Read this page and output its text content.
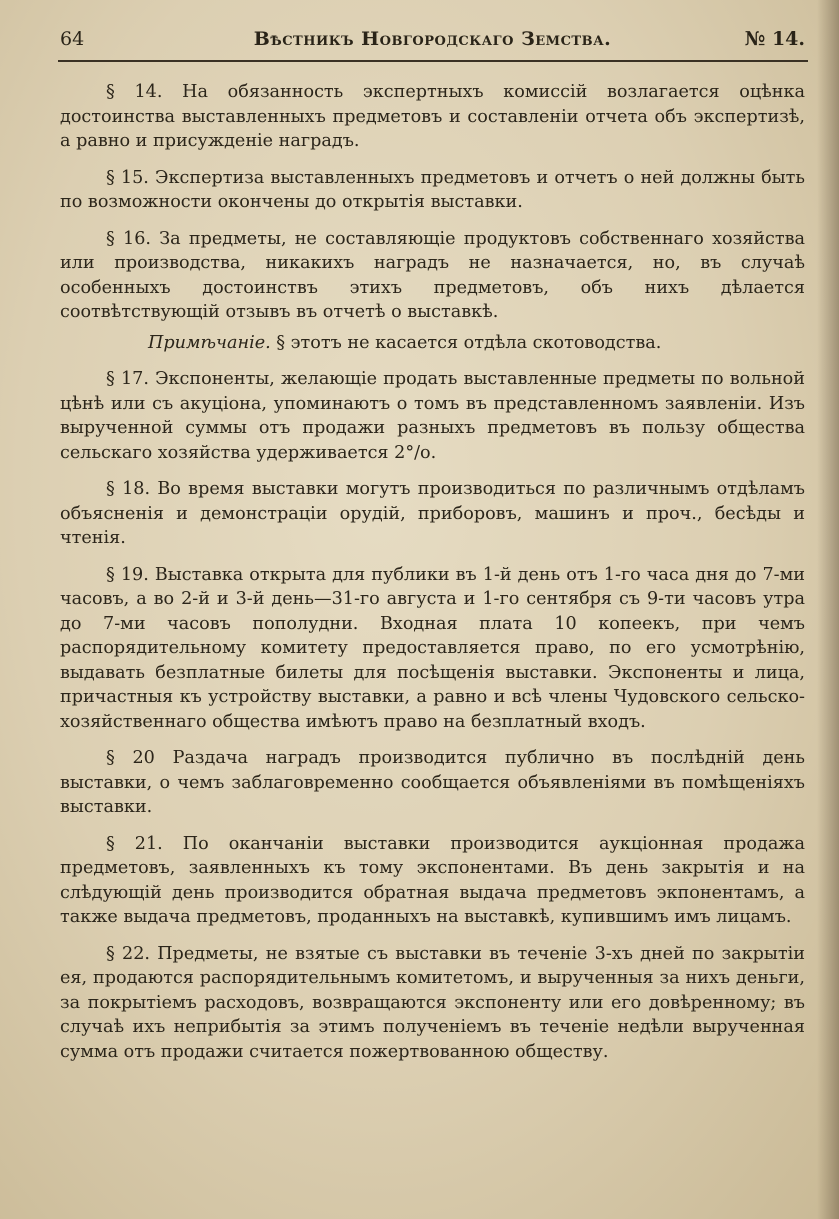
64	Вѣстникъ Новгородскаго Земства.	№ 14.

§ 14. На обязанность экспертныхъ комиссій возлагается оцѣнка достоинства выставленныхъ предметовъ и составленіи отчета объ экспертизѣ, а равно и присужденіе наградъ.

§ 15. Экспертиза выставленныхъ предметовъ и отчетъ о ней должны быть по возможности окончены до открытія выставки.

§ 16. За предметы, не составляющіе продуктовъ собственнаго хозяйства или производства, никакихъ наградъ не назначается, но, въ случаѣ особенныхъ достоинствъ этихъ предметовъ, объ нихъ дѣлается соотвѣтствующій отзывъ въ отчетѣ о выставкѣ.

Примѣчаніе. § этотъ не касается отдѣла скотоводства.

§ 17. Экспоненты, желающіе продать выставленные предметы по вольной цѣнѣ или съ акуціона, упоминаютъ о томъ въ представленномъ заявленіи. Изъ вырученной суммы отъ продажи разныхъ предметовъ въ пользу общества сельскаго хозяйства удерживается 2°/о.

§ 18. Во время выставки могутъ производиться по различнымъ отдѣламъ объясненія и демонстраціи орудій, приборовъ, машинъ и проч., бесѣды и чтенія.

§ 19. Выставка открыта для публики въ 1-й день отъ 1-го часа дня до 7-ми часовъ, а во 2-й и 3-й день—31-го августа и 1-го сентября съ 9-ти часовъ утра до 7-ми часовъ пополудни. Входная плата 10 копеекъ, при чемъ распорядительному комитету предоставляется право, по его усмотрѣнію, выдавать безплатные билеты для посѣщенія выставки. Экспоненты и лица, причастныя къ устройству выставки, а равно и всѣ члены Чудовского сельско-хозяйственнаго общества имѣютъ право на безплатный входъ.

§ 20 Раздача наградъ производится публично въ послѣдній день выставки, о чемъ заблаговременно сообщается объявленіями въ помѣщеніяхъ выставки.

§ 21. По оканчаніи выставки производится аукціонная продажа предметовъ, заявленныхъ къ тому экспонентами. Въ день закрытія и на слѣдующій день производится обратная выдача предметовъ экпонентамъ, а также выдача предметовъ, проданныхъ на выставкѣ, купившимъ имъ лицамъ.

§ 22. Предметы, не взятые съ выставки въ теченіе 3-хъ дней по закрытіи ея, продаются распорядительнымъ комитетомъ, и вырученныя за нихъ деньги, за покрытіемъ расходовъ, возвращаются экспоненту или его довѣренному; въ случаѣ ихъ неприбытія за этимъ полученіемъ въ теченіе недѣли вырученная сумма отъ продажи считается пожертвованною обществу.
